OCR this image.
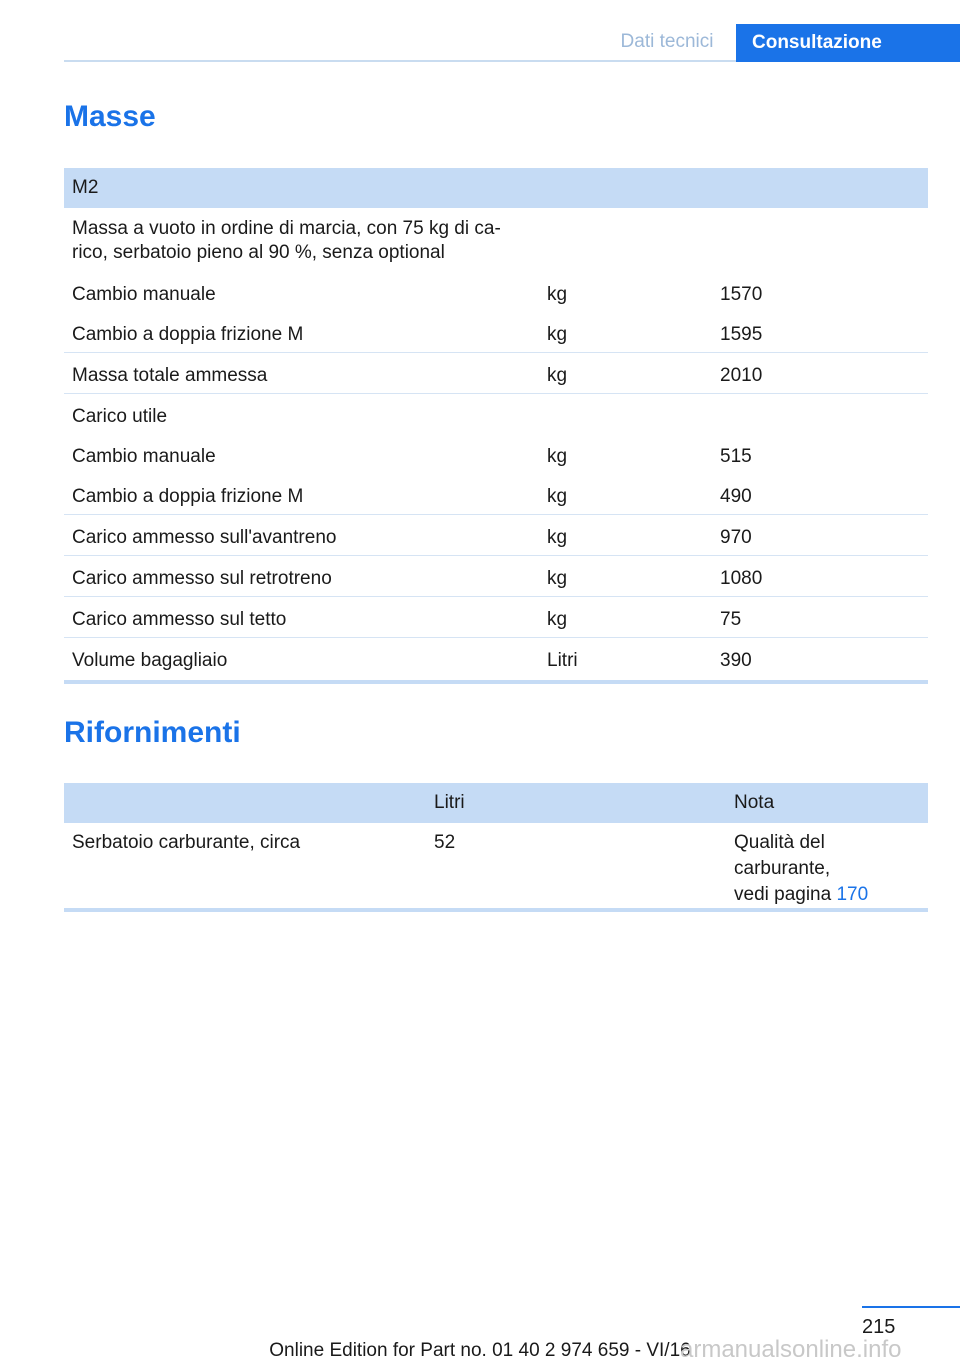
Dati tecnici	Consultazione
Masse
M2		
Massa a vuoto in ordine di marcia, con 75 kg di ca-
rico, serbatoio pieno al 90 %, senza optional		
Cambio manuale	kg	1570
Cambio a doppia frizione M	kg	1595
Massa totale ammessa	kg	2010
Carico utile		
Cambio manuale	kg	515
Cambio a doppia frizione M	kg	490
Carico ammesso sull'avantreno	kg	970
Carico ammesso sul retrotreno	kg	1080
Carico ammesso sul tetto	kg	75
Volume bagagliaio	Litri	390
Rifornimenti
	Litri	Nota
Serbatoio carburante, circa	52	Qualità del carburante,
vedi pagina 170
215
Online Edition for Part no. 01 40 2 974 659 - VI/16
armanualsonline.info
